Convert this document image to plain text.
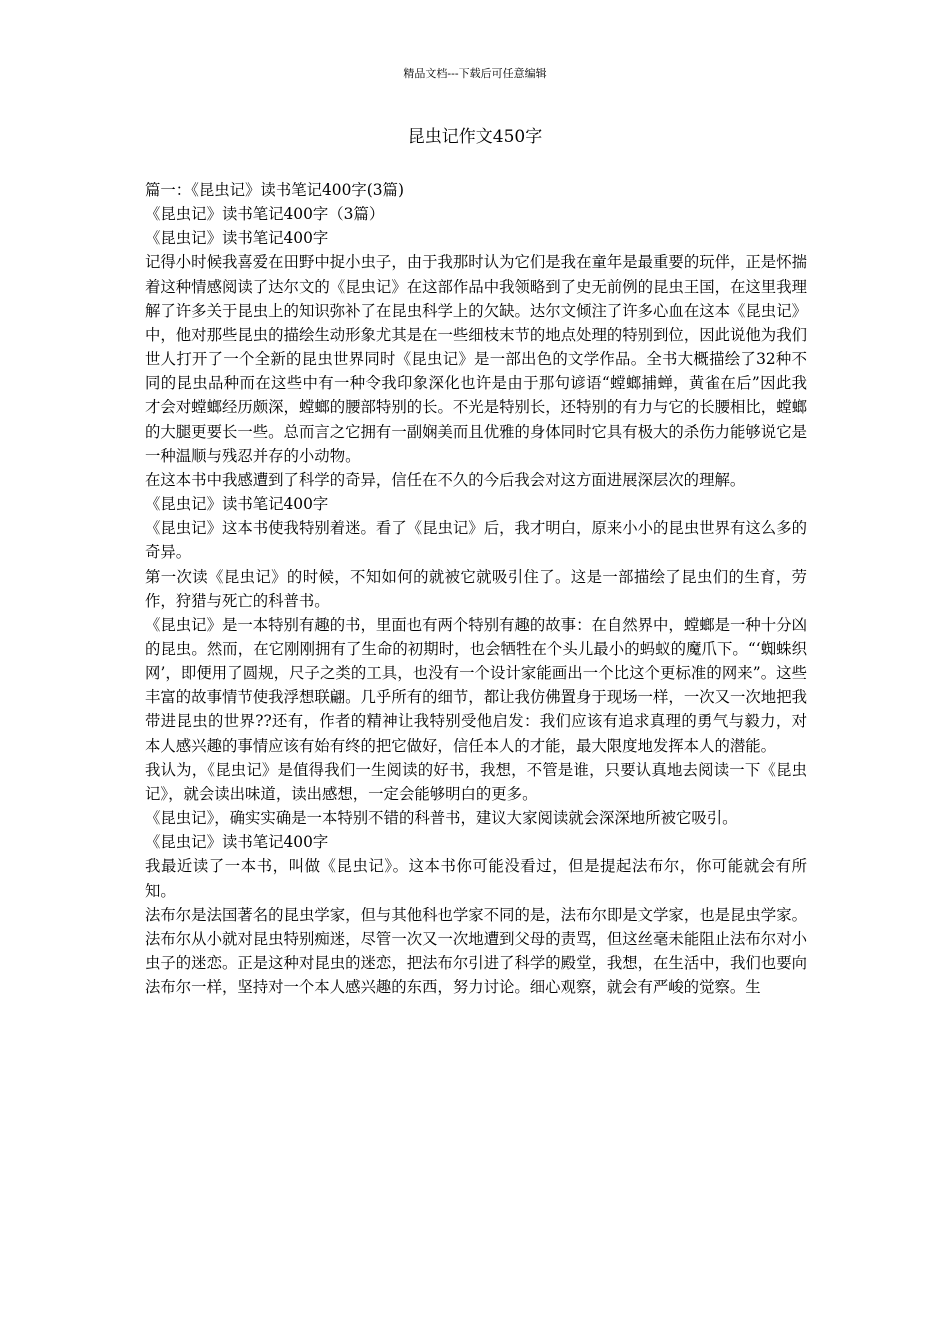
精品文档---下载后可任意编辑
昆虫记作文450字

篇一：《昆虫记》读书笔记400字(3篇)

《昆虫记》读书笔记400字（3篇）

《昆虫记》读书笔记400字

记得小时候我喜爱在田野中捉小虫子，由于我那时认为它们是我在童年是最重要的玩伴，正是怀揣着这种情感阅读了达尔文的《昆虫记》在这部作品中我领略到了史无前例的昆虫王国，在这里我理解了许多关于昆虫上的知识弥补了在昆虫科学上的欠缺。达尔文倾注了许多心血在这本《昆虫记》中，他对那些昆虫的描绘生动形象尤其是在一些细枝末节的地点处理的特别到位，因此说他为我们世人打开了一个全新的昆虫世界同时《昆虫记》是一部出色的文学作品。全书大概描绘了32种不同的昆虫品种而在这些中有一种令我印象深化也许是由于那句谚语“螳螂捕蝉，黄雀在后”因此我才会对螳螂经历颇深，螳螂的腰部特别的长。不光是特别长，还特别的有力与它的长腰相比，螳螂的大腿更要长一些。总而言之它拥有一副娴美而且优雅的身体同时它具有极大的杀伤力能够说它是一种温顺与残忍并存的小动物。

在这本书中我感遭到了科学的奇异，信任在不久的今后我会对这方面进展深层次的理解。

《昆虫记》读书笔记400字

《昆虫记》这本书使我特别着迷。看了《昆虫记》后，我才明白，原来小小的昆虫世界有这么多的奇异。

第一次读《昆虫记》的时候，不知如何的就被它就吸引住了。这是一部描绘了昆虫们的生育，劳作，狩猎与死亡的科普书。

《昆虫记》是一本特别有趣的书，里面也有两个特别有趣的故事：在自然界中，螳螂是一种十分凶的昆虫。然而，在它刚刚拥有了生命的初期时，也会牺牲在个头儿最小的蚂蚁的魔爪下。“‘蜘蛛织网’，即便用了圆规，尺子之类的工具，也没有一个设计家能画出一个比这个更标准的网来”。这些丰富的故事情节使我浮想联翩。几乎所有的细节，都让我仿佛置身于现场一样，一次又一次地把我带进昆虫的世界??还有，作者的精神让我特别受他启发：我们应该有追求真理的勇气与毅力，对本人感兴趣的事情应该有始有终的把它做好，信任本人的才能，最大限度地发挥本人的潜能。

我认为，《昆虫记》是值得我们一生阅读的好书，我想，不管是谁，只要认真地去阅读一下《昆虫记》，就会读出味道，读出感想，一定会能够明白的更多。

《昆虫记》，确实实确是一本特别不错的科普书，建议大家阅读就会深深地所被它吸引。

《昆虫记》读书笔记400字

我最近读了一本书，叫做《昆虫记》。这本书你可能没看过，但是提起法布尔，你可能就会有所知。

法布尔是法国著名的昆虫学家，但与其他科也学家不同的是，法布尔即是文学家，也是昆虫学家。法布尔从小就对昆虫特别痴迷，尽管一次又一次地遭到父母的责骂，但这丝毫未能阻止法布尔对小虫子的迷恋。正是这种对昆虫的迷恋，把法布尔引进了科学的殿堂，我想，在生活中，我们也要向法布尔一样，坚持对一个本人感兴趣的东西，努力讨论。细心观察，就会有严峻的觉察。生
